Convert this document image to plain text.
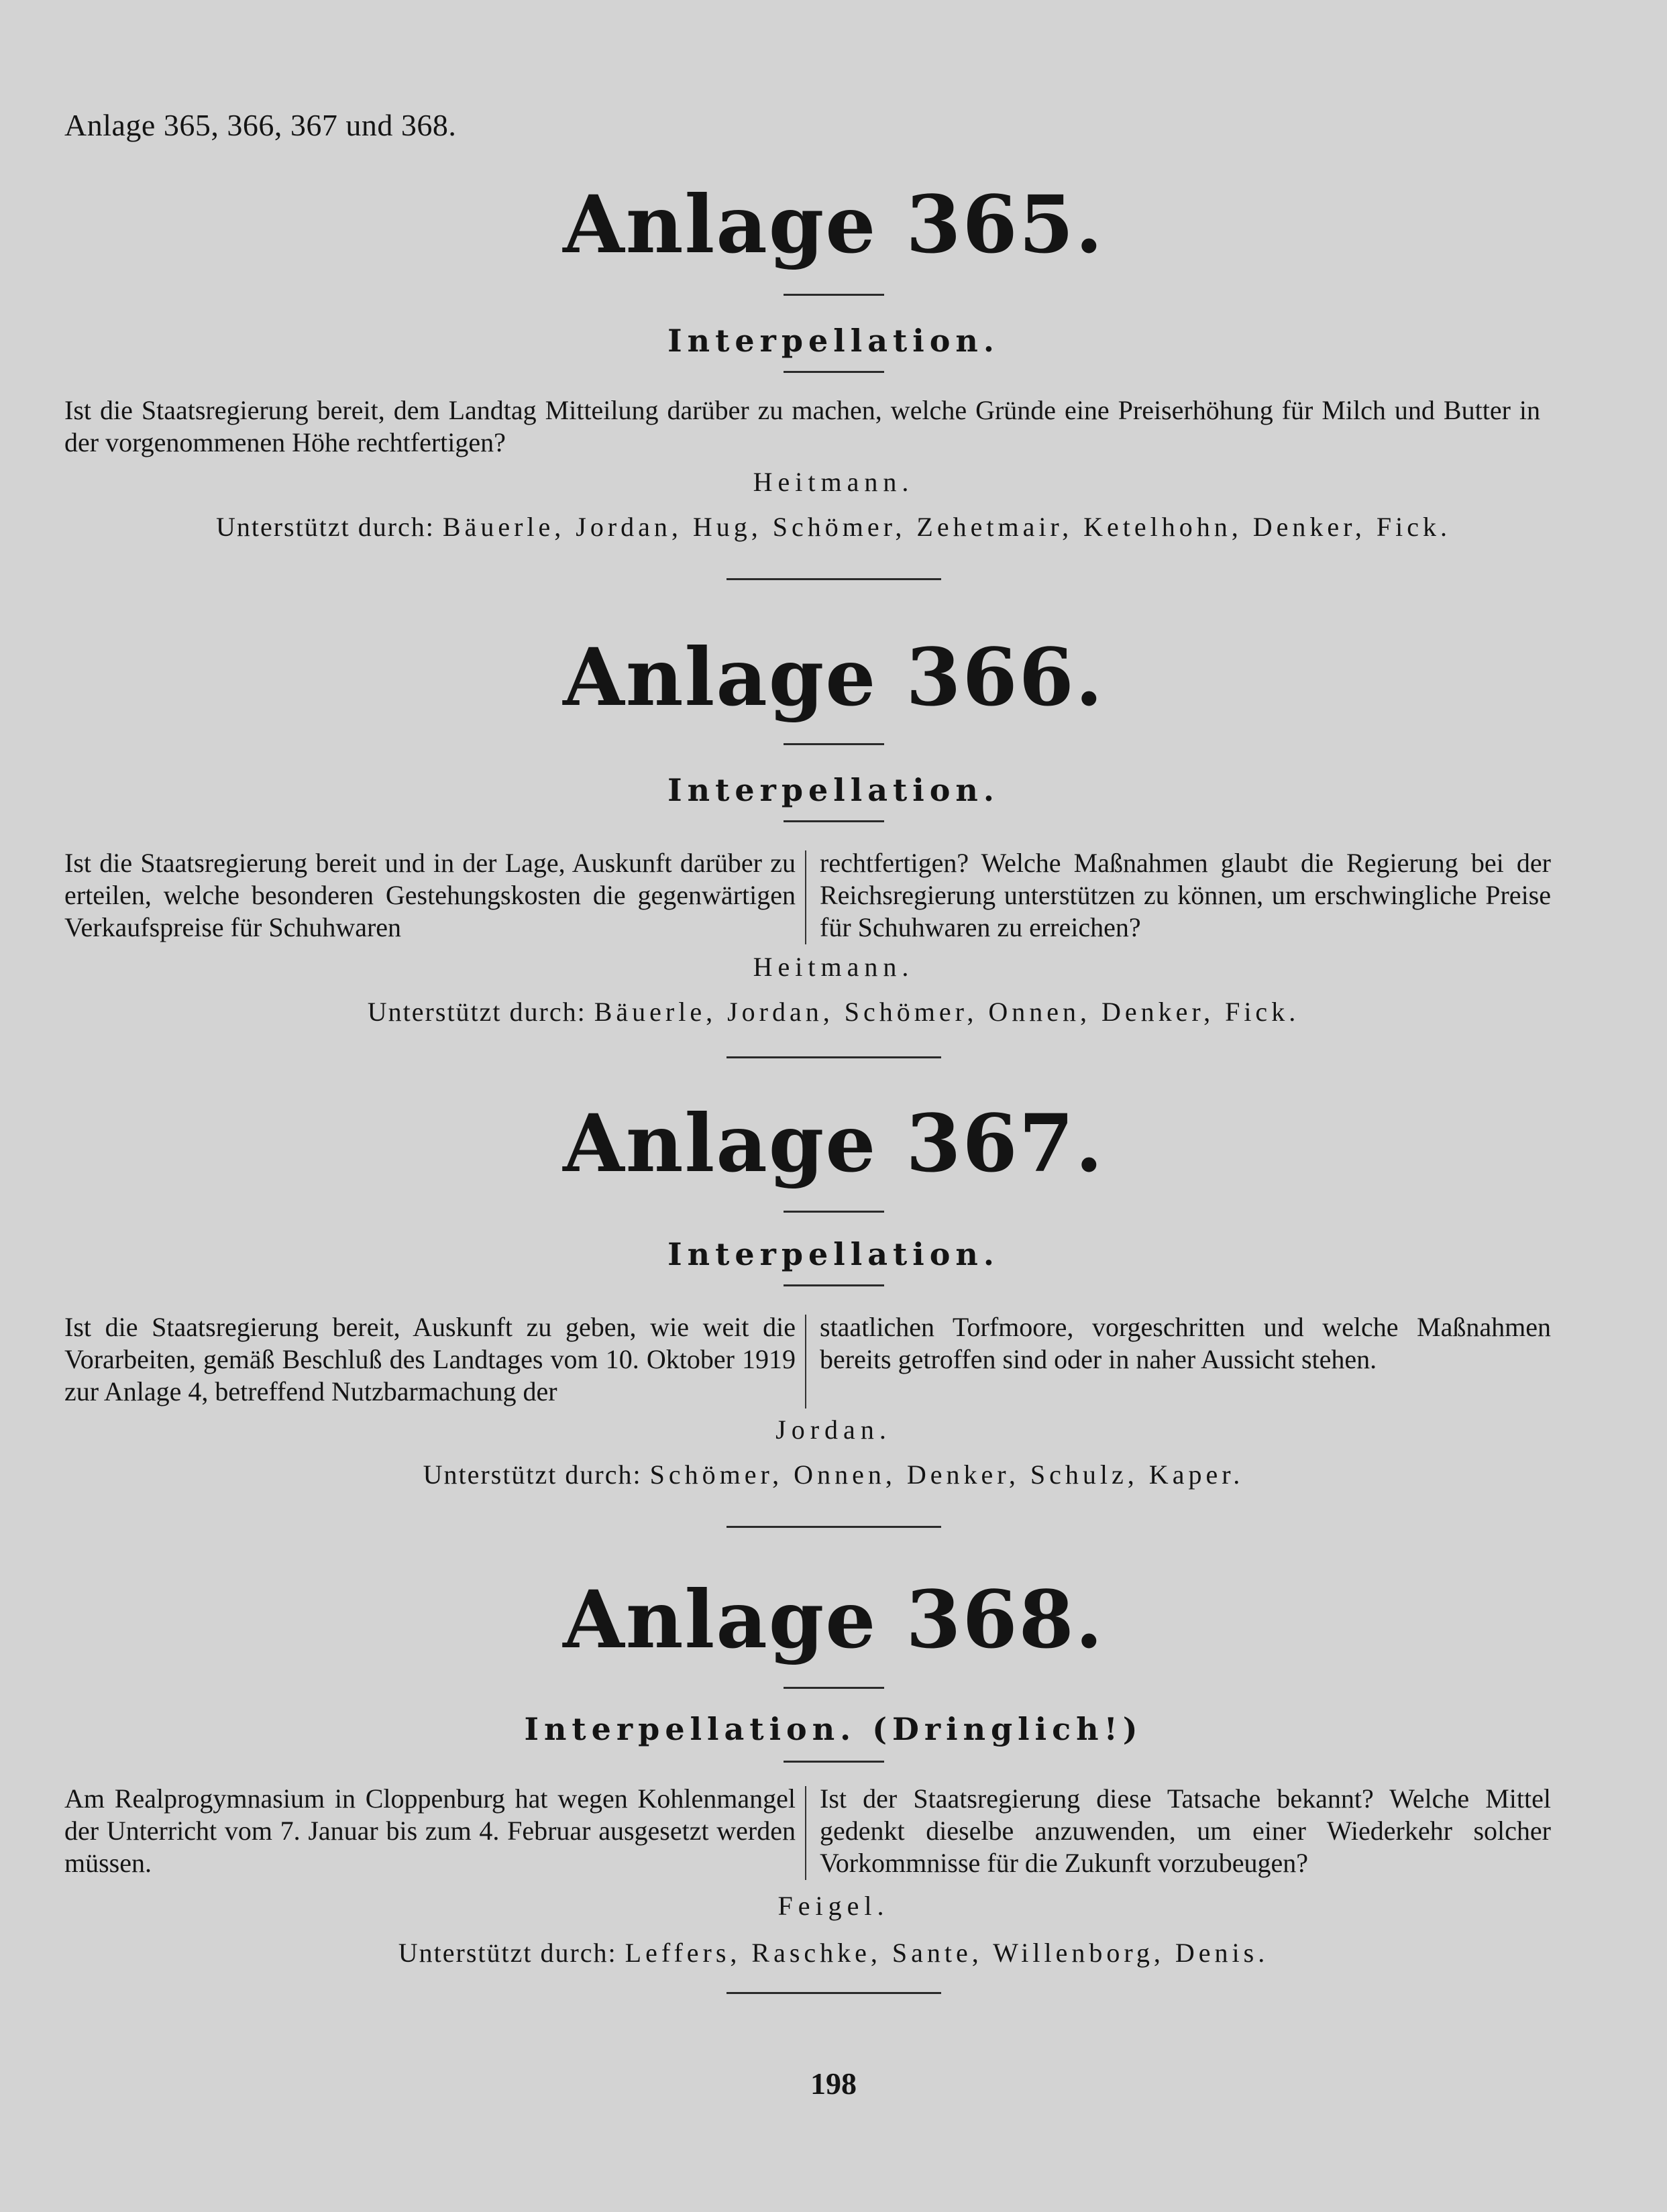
Anlage 365, 366, 367 und 368.
Anlage 365.

Interpellation.

Ist die Staatsregierung bereit, dem Landtag Mitteilung darüber zu machen, welche Gründe eine Preiserhöhung für Milch und Butter in der vorgenommenen Höhe rechtfertigen?

Heitmann.

Unterstützt durch: Bäuerle, Jordan, Hug, Schömer, Zehetmair, Ketelhohn, Denker, Fick.

Anlage 366.

Interpellation.

Ist die Staatsregierung bereit und in der Lage, Auskunft darüber zu erteilen, welche besonderen Gestehungskosten die gegenwärtigen Verkaufspreise für Schuhwaren

rechtfertigen? Welche Maßnahmen glaubt die Regierung bei der Reichsregierung unterstützen zu können, um erschwingliche Preise für Schuhwaren zu erreichen?

Heitmann.

Unterstützt durch: Bäuerle, Jordan, Schömer, Onnen, Denker, Fick.

Anlage 367.

Interpellation.

Ist die Staatsregierung bereit, Auskunft zu geben, wie weit die Vorarbeiten, gemäß Beschluß des Landtages vom 10. Oktober 1919 zur Anlage 4, betreffend Nutzbarmachung der

staatlichen Torfmoore, vorgeschritten und welche Maßnahmen bereits getroffen sind oder in naher Aussicht stehen.

Jordan.

Unterstützt durch: Schömer, Onnen, Denker, Schulz, Kaper.

Anlage 368.

Interpellation. (Dringlich!)

Am Realprogymnasium in Cloppenburg hat wegen Kohlenmangel der Unterricht vom 7. Januar bis zum 4. Februar ausgesetzt werden müssen.

Ist der Staatsregierung diese Tatsache bekannt? Welche Mittel gedenkt dieselbe anzuwenden, um einer Wiederkehr solcher Vorkommnisse für die Zukunft vorzubeugen?

Feigel.

Unterstützt durch: Leffers, Raschke, Sante, Willenborg, Denis.

198
